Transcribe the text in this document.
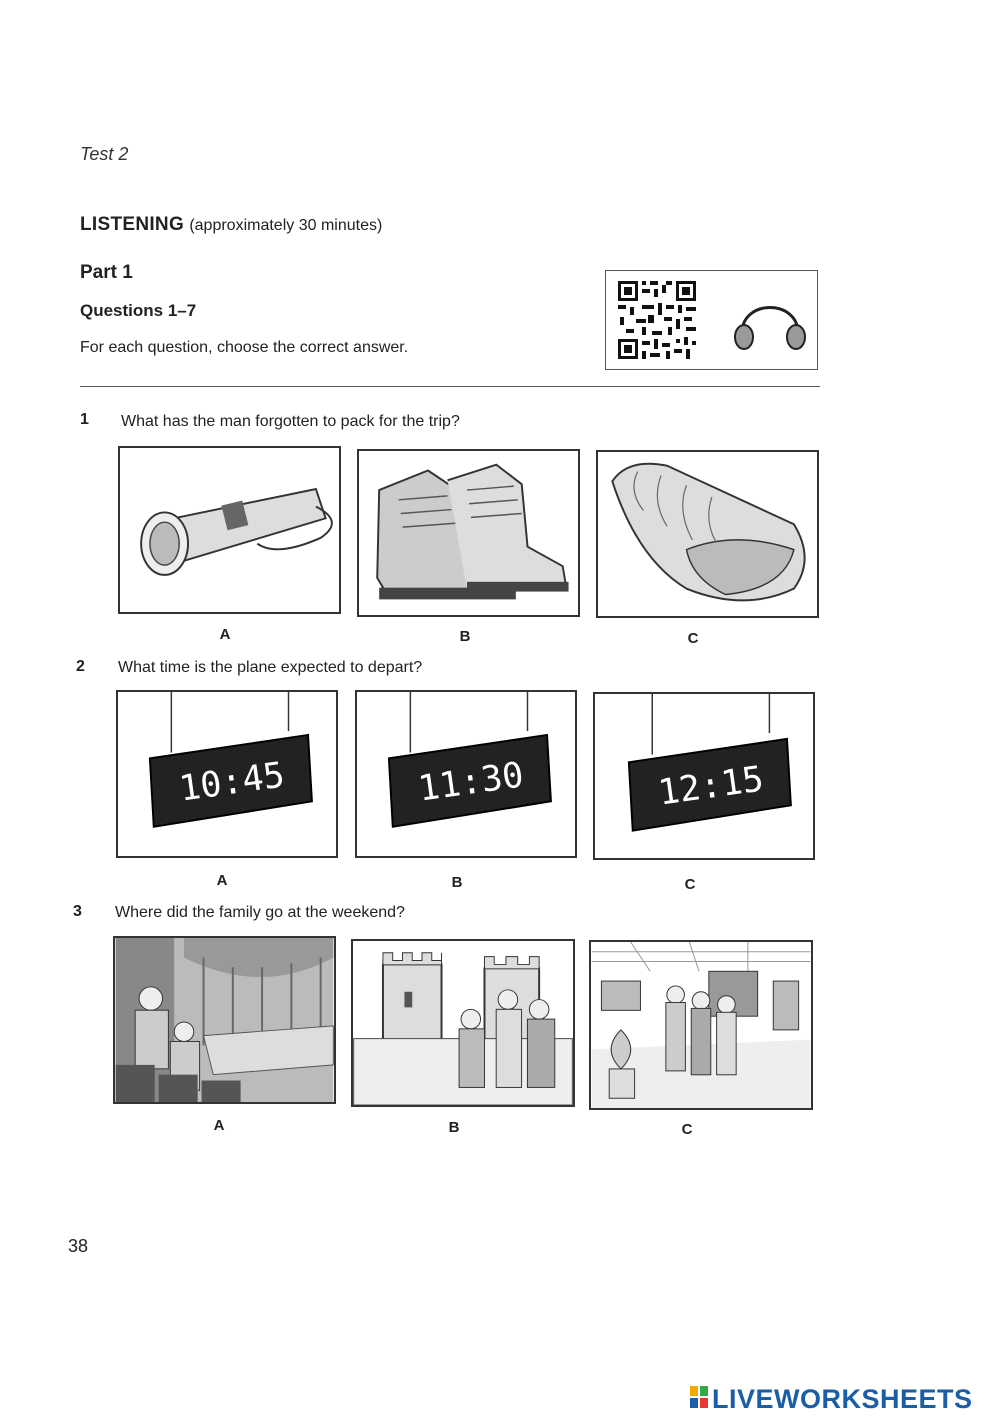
Test 2
LISTENING (approximately 30 minutes)
Part 1
Questions 1–7
For each question, choose the correct answer.
1 What has the man forgotten to pack for the trip?
A	B	C
2 What time is the plane expected to depart?
10:45	11:30	12:15
A	B	C
3 Where did the family go at the weekend?
A	B	C
38
LIVEWORKSHEETS
